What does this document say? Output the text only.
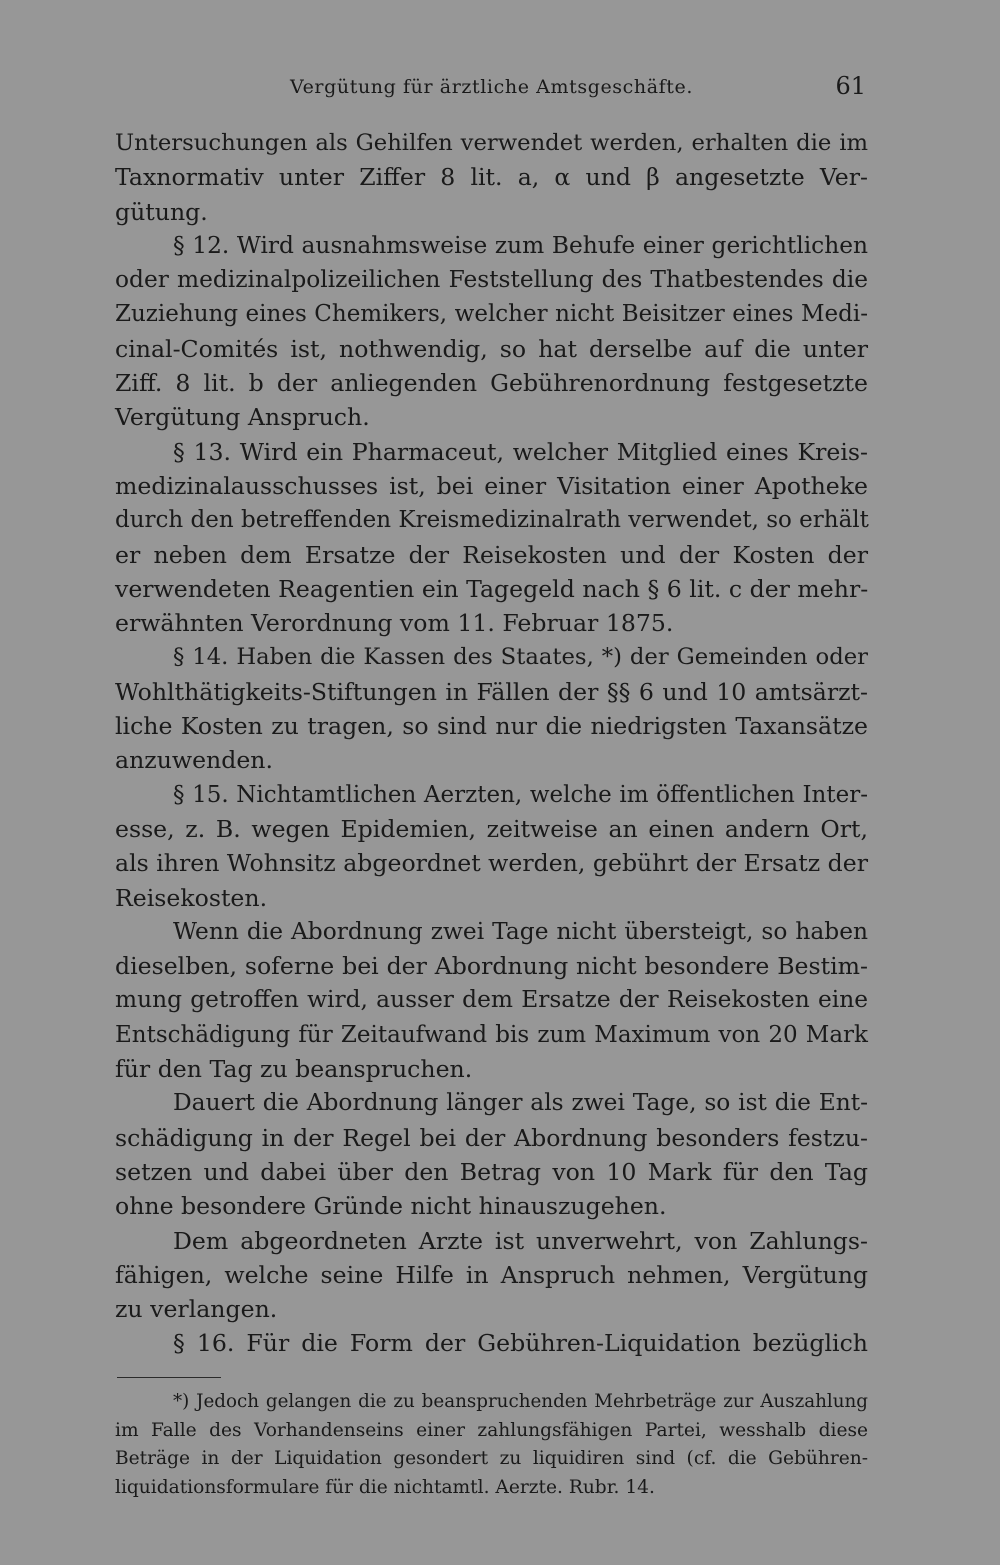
Vergütung für ärztliche Amtsgeschäfte.	61
Untersuchungen als Gehilfen verwendet werden, erhalten die im
Taxnormativ unter Ziffer 8 lit. a, α und β angesetzte Ver-
gütung.
§ 12. Wird ausnahmsweise zum Behufe einer gerichtlichen
oder medizinalpolizeilichen Feststellung des Thatbestendes die
Zuziehung eines Chemikers, welcher nicht Beisitzer eines Medi-
cinal-Comités ist, nothwendig, so hat derselbe auf die unter
Ziff. 8 lit. b der anliegenden Gebührenordnung festgesetzte
Vergütung Anspruch.
§ 13. Wird ein Pharmaceut, welcher Mitglied eines Kreis-
medizinalausschusses ist, bei einer Visitation einer Apotheke
durch den betreffenden Kreismedizinalrath verwendet, so erhält
er neben dem Ersatze der Reisekosten und der Kosten der
verwendeten Reagentien ein Tagegeld nach § 6 lit. c der mehr-
erwähnten Verordnung vom 11. Februar 1875.
§ 14. Haben die Kassen des Staates, *) der Gemeinden oder
Wohlthätigkeits-Stiftungen in Fällen der §§ 6 und 10 amtsärzt-
liche Kosten zu tragen, so sind nur die niedrigsten Taxansätze
anzuwenden.
§ 15. Nichtamtlichen Aerzten, welche im öffentlichen Inter-
esse, z. B. wegen Epidemien, zeitweise an einen andern Ort,
als ihren Wohnsitz abgeordnet werden, gebührt der Ersatz der
Reisekosten.
Wenn die Abordnung zwei Tage nicht übersteigt, so haben
dieselben, soferne bei der Abordnung nicht besondere Bestim-
mung getroffen wird, ausser dem Ersatze der Reisekosten eine
Entschädigung für Zeitaufwand bis zum Maximum von 20 Mark
für den Tag zu beanspruchen.
Dauert die Abordnung länger als zwei Tage, so ist die Ent-
schädigung in der Regel bei der Abordnung besonders festzu-
setzen und dabei über den Betrag von 10 Mark für den Tag
ohne besondere Gründe nicht hinauszugehen.
Dem abgeordneten Arzte ist unverwehrt, von Zahlungs-
fähigen, welche seine Hilfe in Anspruch nehmen, Vergütung
zu verlangen.
§ 16. Für die Form der Gebühren-Liquidation bezüglich
*) Jedoch gelangen die zu beanspruchenden Mehrbeträge zur Auszahlung
im Falle des Vorhandenseins einer zahlungsfähigen Partei, wesshalb diese
Beträge in der Liquidation gesondert zu liquidiren sind (cf. die Gebühren-
liquidationsformulare für die nichtamtl. Aerzte. Rubr. 14.
